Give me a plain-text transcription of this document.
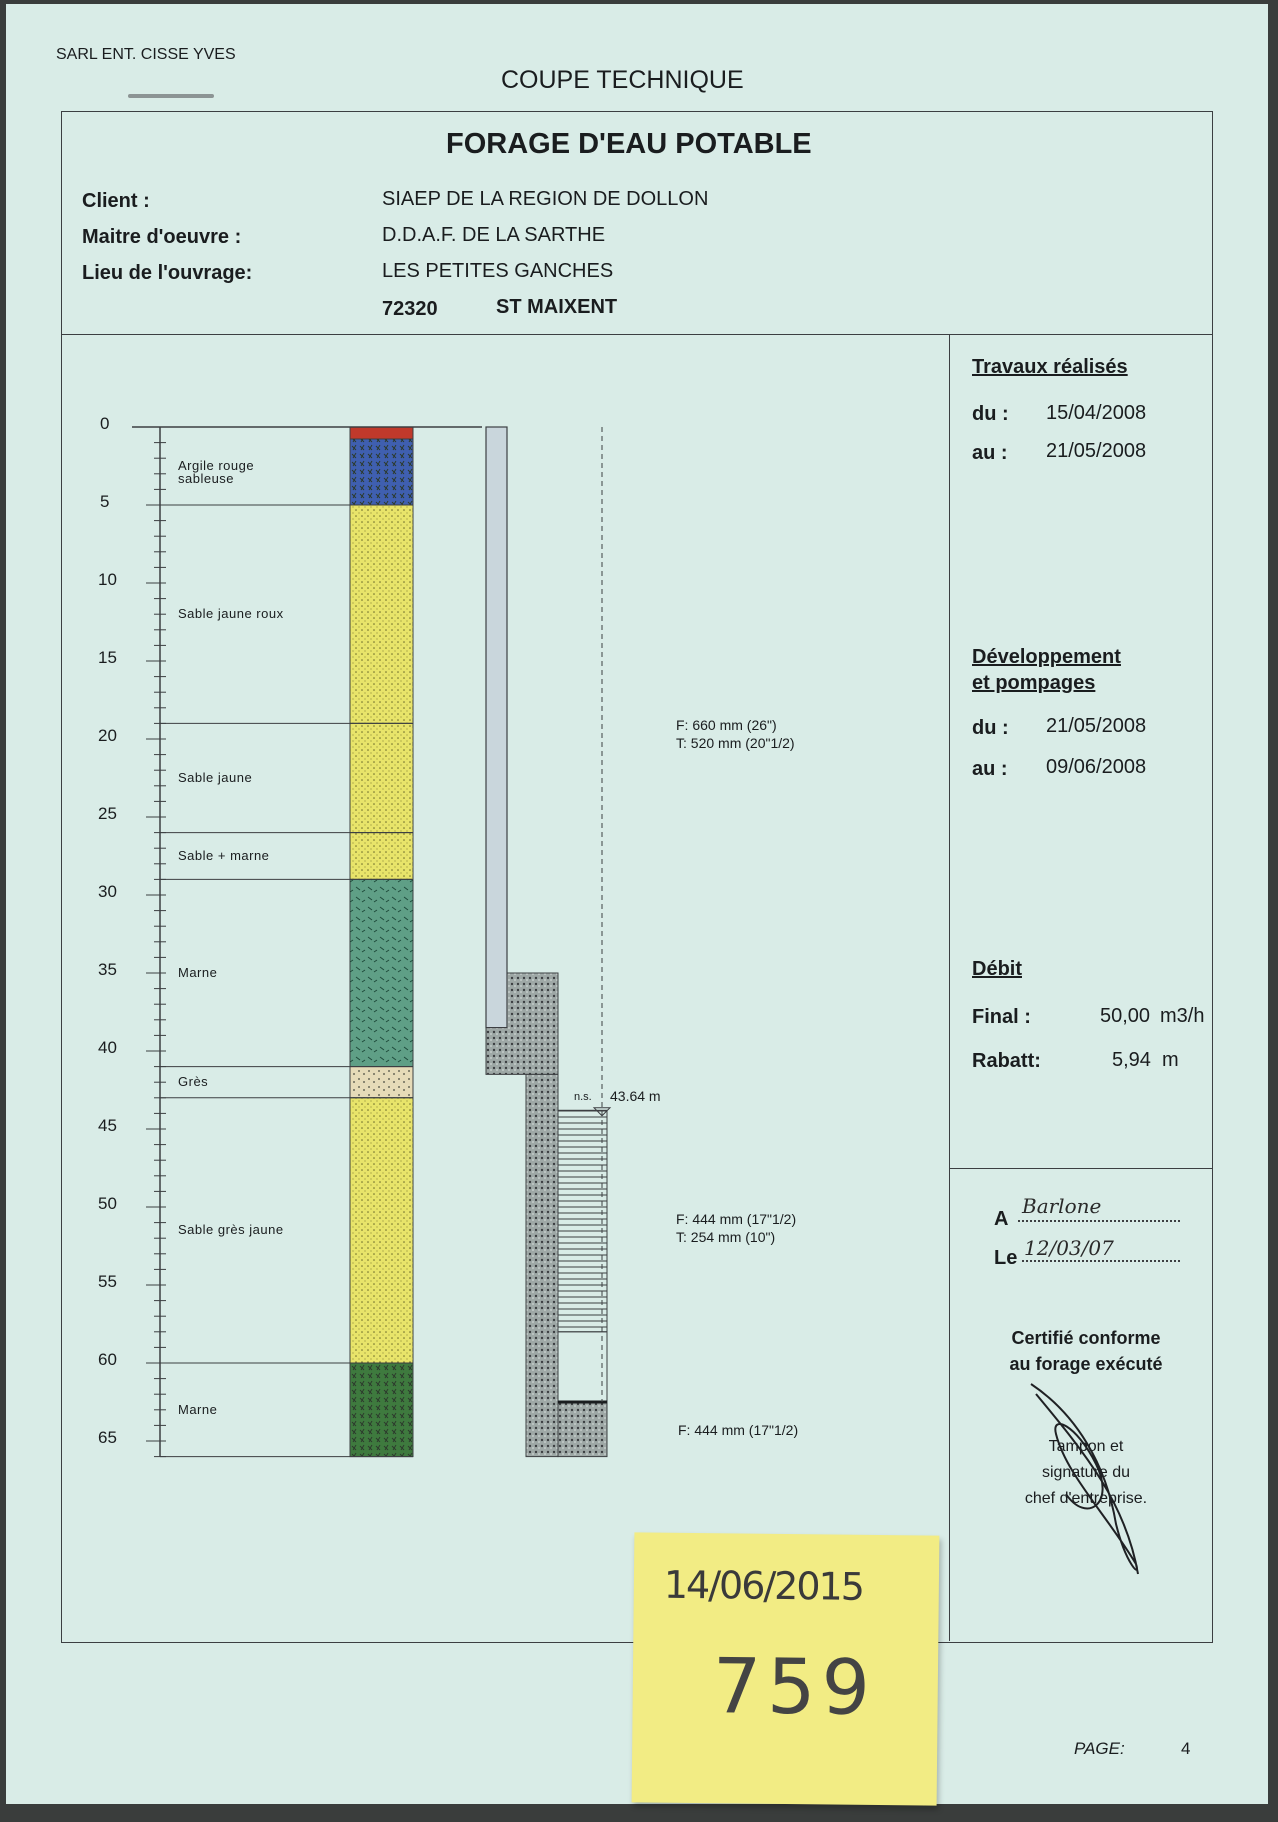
SARL ENT. CISSE YVES
COUPE TECHNIQUE
FORAGE D'EAU POTABLE
Client :	SIAEP DE LA REGION DE DOLLON
Maitre d'oeuvre :	D.D.A.F. DE LA SARTHE
Lieu de l'ouvrage:	LES PETITES GANCHES
72320	ST MAIXENT
0
5
10
15
20
25
30
35
40
45
50
55
60
65
Argile rouge
sableuse
Sable jaune roux
Sable jaune
Sable + marne
Marne
Grès
Sable grès jaune
Marne
F: 660 mm (26")
T: 520 mm (20"1/2)
F: 444 mm (17"1/2)
T: 254 mm (10")
F: 444 mm (17"1/2)
n.s. 43.64 m
Travaux réalisés
du : 15/04/2008
au : 21/05/2008
Développement
et pompages
du : 21/05/2008
au : 09/06/2008
Débit
Final :	50,00 m3/h
Rabatt:	5,94 m
A
Barlone
Le 12/03/07
Certifié conforme
au forage exécuté
Tampon et
signature du
chef d'entreprise.
PAGE:	4
14/06/2015
759
